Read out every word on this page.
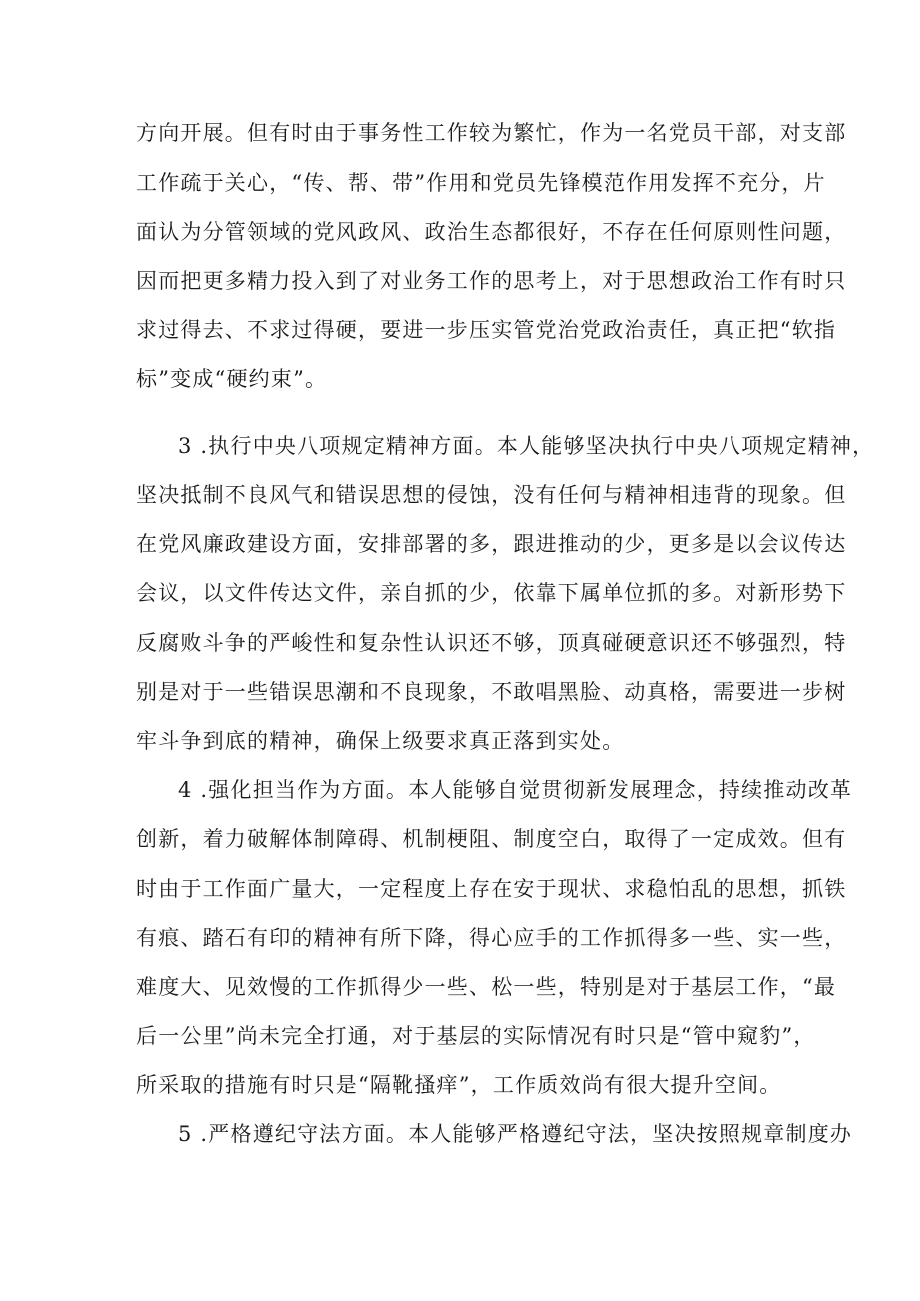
方向开展。但有时由于事务性工作较为繁忙，作为一名党员干部，对支部
工作疏于关心，“传、帮、带”作用和党员先锋模范作用发挥不充分，片
面认为分管领域的党风政风、政治生态都很好，不存在任何原则性问题，
因而把更多精力投入到了对业务工作的思考上，对于思想政治工作有时只
求过得去、不求过得硬，要进一步压实管党治党政治责任，真正把“软指
标”变成“硬约束”。
3 .执行中央八项规定精神方面。本人能够坚决执行中央八项规定精神，
坚决抵制不良风气和错误思想的侵蚀，没有任何与精神相违背的现象。但
在党风廉政建设方面，安排部署的多，跟进推动的少，更多是以会议传达
会议，以文件传达文件，亲自抓的少，依靠下属单位抓的多。对新形势下
反腐败斗争的严峻性和复杂性认识还不够，顶真碰硬意识还不够强烈，特
别是对于一些错误思潮和不良现象，不敢唱黑脸、动真格，需要进一步树
牢斗争到底的精神，确保上级要求真正落到实处。
4 .强化担当作为方面。本人能够自觉贯彻新发展理念，持续推动改革
创新，着力破解体制障碍、机制梗阻、制度空白，取得了一定成效。但有
时由于工作面广量大，一定程度上存在安于现状、求稳怕乱的思想，抓铁
有痕、踏石有印的精神有所下降，得心应手的工作抓得多一些、实一些，
难度大、见效慢的工作抓得少一些、松一些，特别是对于基层工作，“最
后一公里”尚未完全打通，对于基层的实际情况有时只是“管中窥豹”，
所采取的措施有时只是“隔靴搔痒”，工作质效尚有很大提升空间。
5 .严格遵纪守法方面。本人能够严格遵纪守法，坚决按照规章制度办
